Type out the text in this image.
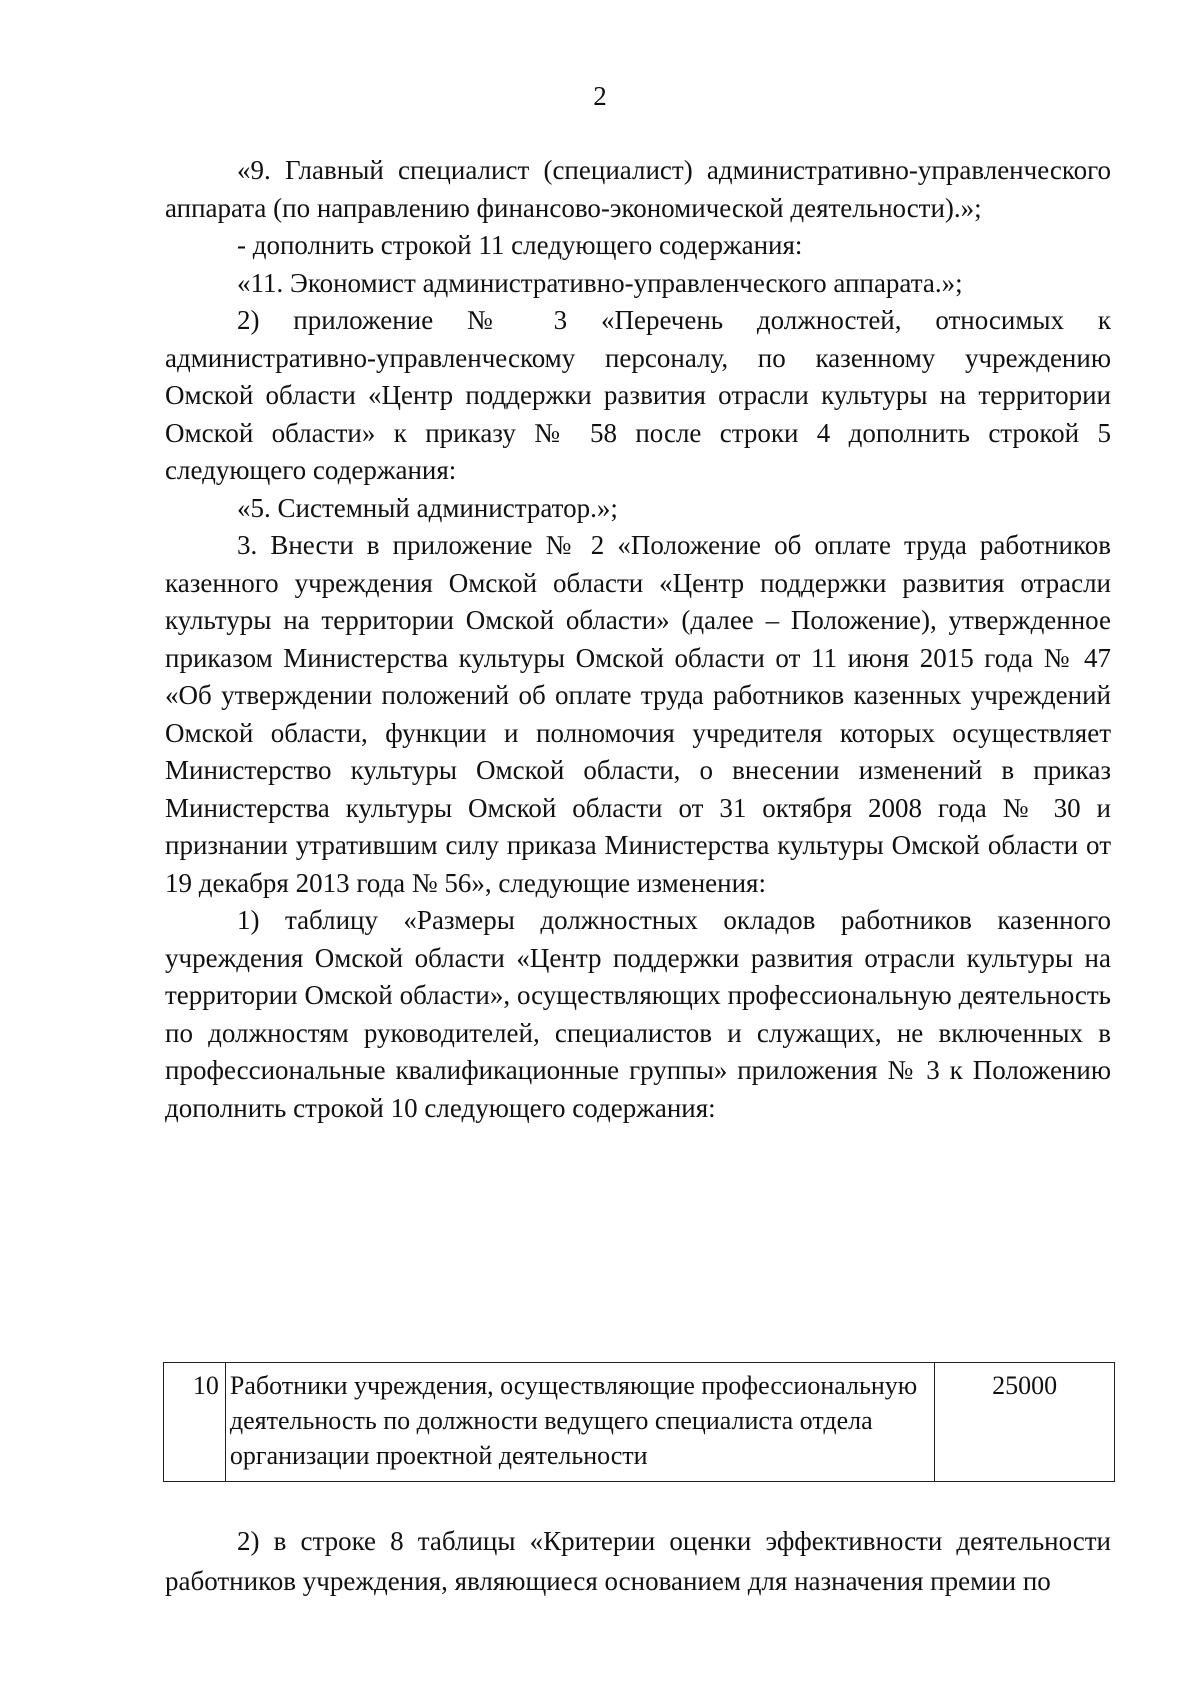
2

«9. Главный специалист (специалист) административно-управленческого аппарата (по направлению финансово-экономической деятельности).»;

- дополнить строкой 11 следующего содержания:

«11. Экономист административно-управленческого аппарата.»;

2) приложение № 3 «Перечень должностей, относимых к административно-управленческому персоналу, по казенному учреждению Омской области «Центр поддержки развития отрасли культуры на территории Омской области» к приказу № 58 после строки 4 дополнить строкой 5 следующего содержания:

«5. Системный администратор.»;

3. Внести в приложение № 2 «Положение об оплате труда работников казенного учреждения Омской области «Центр поддержки развития отрасли культуры на территории Омской области» (далее – Положение), утвержденное приказом Министерства культуры Омской области от 11 июня 2015 года № 47 «Об утверждении положений об оплате труда работников казенных учреждений Омской области, функции и полномочия учредителя которых осуществляет Министерство культуры Омской области, о внесении изменений в приказ Министерства культуры Омской области от 31 октября 2008 года № 30 и признании утратившим силу приказа Министерства культуры Омской области от 19 декабря 2013 года № 56», следующие изменения:

1) таблицу «Размеры должностных окладов работников казенного учреждения Омской области «Центр поддержки развития отрасли культуры на территории Омской области», осуществляющих профессиональную деятельность по должностям руководителей, специалистов и служащих, не включенных в профессиональные квалификационные группы» приложения № 3 к Положению дополнить строкой 10 следующего содержания:

10	Работники учреждения, осуществляющие профессиональную деятельность по должности ведущего специалиста отдела организации проектной деятельности	25000

2) в строке 8 таблицы «Критерии оценки эффективности деятельности работников учреждения, являющиеся основанием для назначения премии по
